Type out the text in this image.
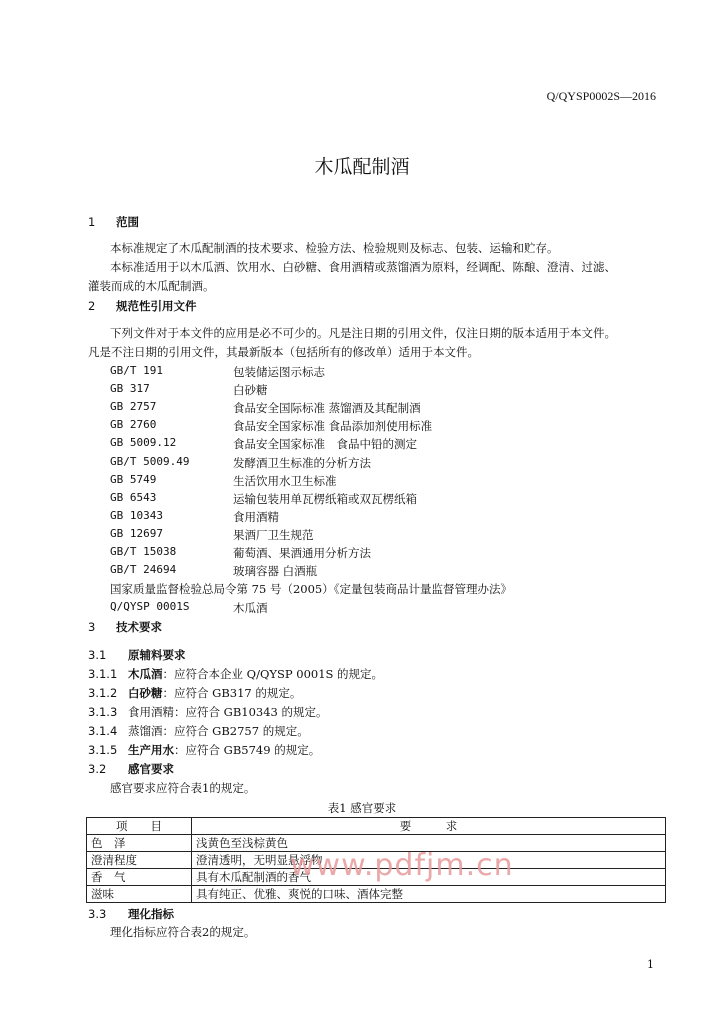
Q/QYSP0002S—2016
木瓜配制酒
1 范围
本标准规定了木瓜配制酒的技术要求、检验方法、检验规则及标志、包装、运输和贮存。
本标准适用于以木瓜酒、饮用水、白砂糖、食用酒精或蒸馏酒为原料，经调配、陈酿、澄清、过滤、
灌装而成的木瓜配制酒。
2 规范性引用文件
下列文件对于本文件的应用是必不可少的。凡是注日期的引用文件，仅注日期的版本适用于本文件。
凡是不注日期的引用文件，其最新版本（包括所有的修改单）适用于本文件。
GB/T 191	包装储运图示标志
GB 317	白砂糖
GB 2757	食品安全国际标准 蒸馏酒及其配制酒
GB 2760	食品安全国家标准 食品添加剂使用标准
GB 5009.12	食品安全国家标准　食品中铅的测定
GB/T 5009.49	发酵酒卫生标准的分析方法
GB 5749	生活饮用水卫生标准
GB 6543	运输包装用单瓦楞纸箱或双瓦楞纸箱
GB 10343	食用酒精
GB 12697	果酒厂卫生规范
GB/T 15038	葡萄酒、果酒通用分析方法
GB/T 24694	玻璃容器 白酒瓶
国家质量监督检验总局令第 75 号（2005）《定量包装商品计量监督管理办法》
Q/QYSP 0001S	木瓜酒
3 技术要求
3.1 原辅料要求
3.1.1 木瓜酒：应符合本企业 Q/QYSP 0001S 的规定。
3.1.2 白砂糖：应符合 GB317 的规定。
3.1.3 食用酒精：应符合 GB10343 的规定。
3.1.4 蒸馏酒：应符合 GB2757 的规定。
3.1.5 生产用水：应符合 GB5749 的规定。
3.2 感官要求
感官要求应符合表1的规定。
表1 感官要求
项　　目	要　　　求
色　泽	浅黄色至浅棕黄色
澄清程度	澄清透明，无明显悬浮物
香　气	具有木瓜配制酒的香气
滋味	具有纯正、优雅、爽悦的口味、酒体完整
www.pdfjm.cn
3.3 理化指标
理化指标应符合表2的规定。
1
